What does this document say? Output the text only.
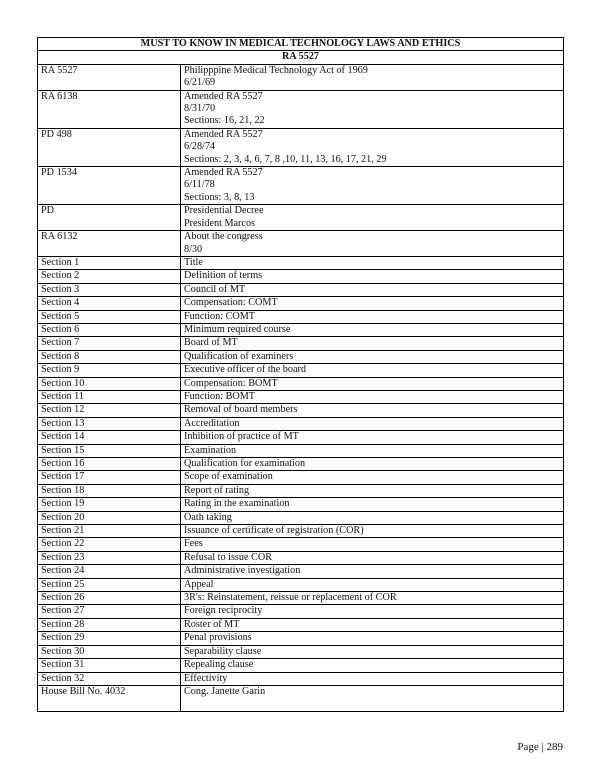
MUST TO KNOW IN MEDICAL TECHNOLOGY LAWS AND ETHICS	
RA 5527	
RA 5527	Philipppine Medical Technology Act of 1969
6/21/69

RA 6138	Amended RA 5527
8/31/70
Sections: 16, 21, 22

PD 498	Amended RA 5527
6/28/74
Sections: 2, 3, 4, 6, 7, 8 ,10, 11, 13, 16, 17, 21, 29

PD 1534	Amended RA 5527
6/11/78
Sections: 3, 8, 13

PD	Presidential Decree
President Marcos

RA 6132	About the congress
8/30

Section 1	Title

Section 2	Definition of terms

Section 3	Council of MT

Section 4	Compensation: COMT

Section 5	Function: COMT

Section 6	Minimum required course

Section 7	Board of MT

Section 8	Qualification of examiners

Section 9	Executive officer of the board

Section 10	Compensation: BOMT

Section 11	Function: BOMT

Section 12	Removal of board members

Section 13	Accreditation

Section 14	Inhibition of practice of MT

Section 15	Examination

Section 16	Qualification for examination

Section 17	Scope of examination

Section 18	Report of rating

Section 19	Rating in the examination

Section 20	Oath taking

Section 21	Issuance of certificate of registration (COR)

Section 22	Fees

Section 23	Refusal to issue COR

Section 24	Administrative investigation

Section 25	Appeal

Section 26	3R's: Reinstatement, reissue or replacement of COR

Section 27	Foreign reciprocity

Section 28	Roster of MT

Section 29	Penal provisions

Section 30	Separability clause

Section 31	Repealing clause

Section 32	Effectivity

House Bill No. 4032	Cong. Janette Garin

Page | 289
